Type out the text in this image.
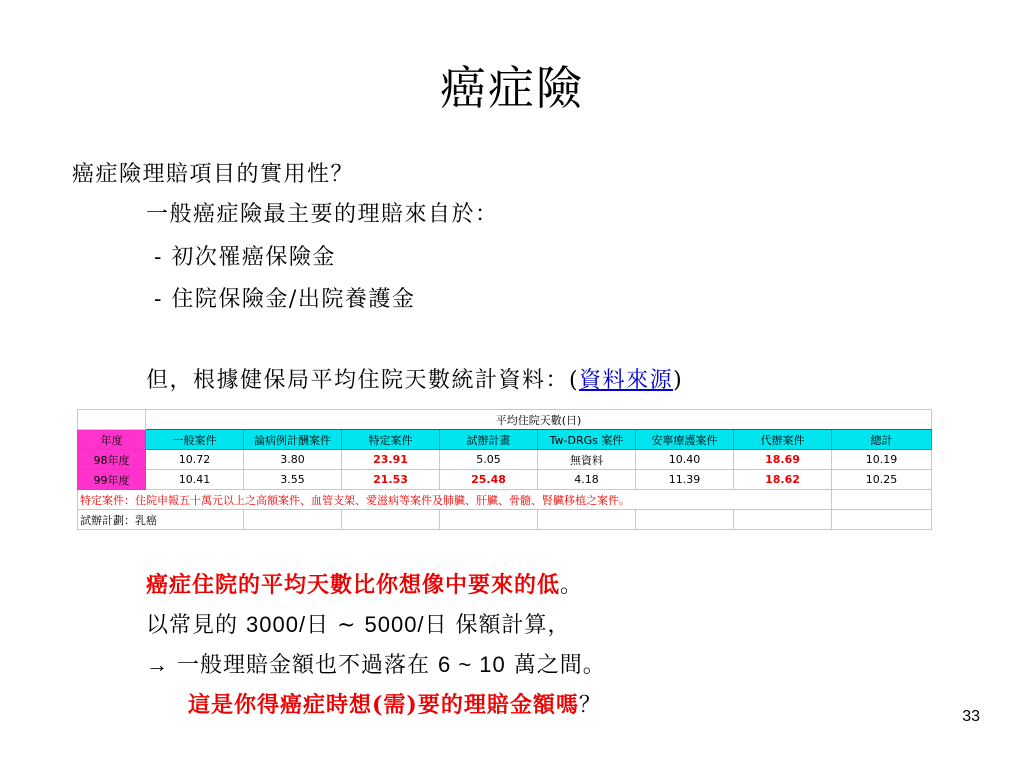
癌症險
癌症險理賠項目的實用性？
一般癌症險最主要的理賠來自於：
- 初次罹癌保險金
- 住院保險金/出院養護金
但，根據健保局平均住院天數統計資料：(資料來源)
	平均住院天數(日)							
年度	一般案件	論病例計酬案件	特定案件	試辦計畫	Tw-DRGs 案件	安寧療護案件	代辦案件	總計
98年度	10.72	3.80	23.91	5.05	無資料	10.40	18.69	10.19
99年度	10.41	3.55	21.53	25.48	4.18	11.39	18.62	10.25
特定案件：住院申報五十萬元以上之高額案件、血管支架、愛滋病等案件及肺臟、肝臟、骨髓、腎臟移植之案件。								
試辦計劃：乳癌								
癌症住院的平均天數比你想像中要來的低。
以常見的 3000/日 ~ 5000/日 保額計算，
→ 一般理賠金額也不過落在 6 ~ 10 萬之間。
這是你得癌症時想(需)要的理賠金額嗎？	33
